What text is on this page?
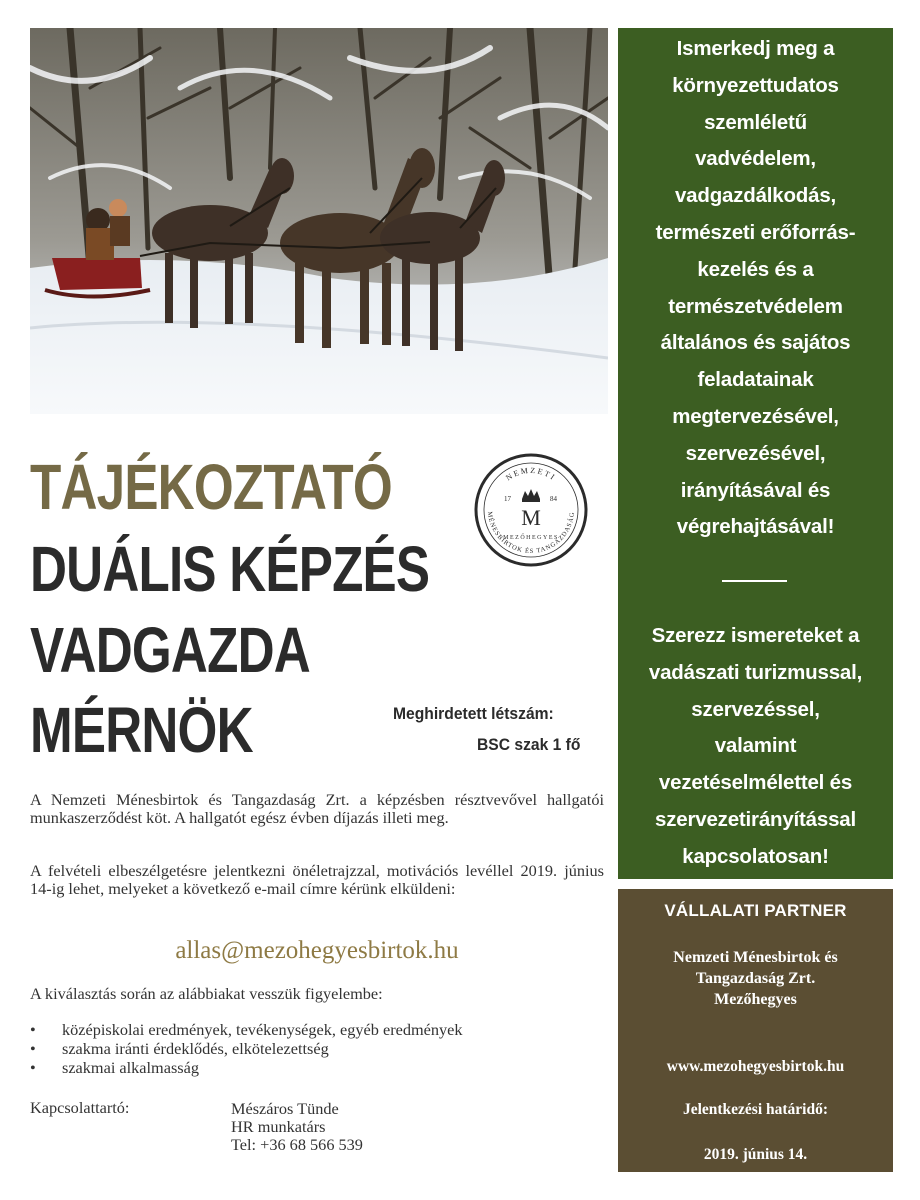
Ismerkedj meg a
környezettudatos
szemléletű
vadvédelem,
vadgazdálkodás,
természeti erőforrás-
kezelés és a
természetvédelem
általános és sajátos
feladatainak
megtervezésével,
szervezésével,
irányításával és
végrehajtásával!
Szerezz ismereteket a
vadászati turizmussal,
szervezéssel,
valamint
vezetéselmélettel és
szervezetirányítással
kapcsolatosan!
VÁLLALATI PARTNER
Nemzeti Ménesbirtok és
Tangazdaság Zrt.
Mezőhegyes
www.mezohegyesbirtok.hu
Jelentkezési határidő:
2019. június 14.
TÁJÉKOZTATÓ
DUÁLIS KÉPZÉS
VADGAZDA
MÉRNÖK
NEMZETI
MÉNESBIRTOK ÉS TANGAZDASÁG
17	84
M
MEZŐHEGYES
Meghirdetett létszám:
BSC szak 1 fő
A Nemzeti Ménesbirtok és Tangazdaság Zrt. a képzésben résztvevővel hallgatói munkaszerződést köt. A hallgatót egész évben díjazás illeti meg.
A felvételi elbeszélgetésre jelentkezni önéletrajzzal, motivációs levéllel 2019. június 14-ig lehet, melyeket a következő e-mail címre kérünk elküldeni:
allas@mezohegyesbirtok.hu
A kiválasztás során az alábbiakat vesszük figyelembe:
• középiskolai eredmények, tevékenységek, egyéb eredmények
• szakma iránti érdeklődés, elkötelezettség
• szakmai alkalmasság
Kapcsolattartó:	Mészáros Tünde
HR munkatárs
Tel: +36 68 566 539
